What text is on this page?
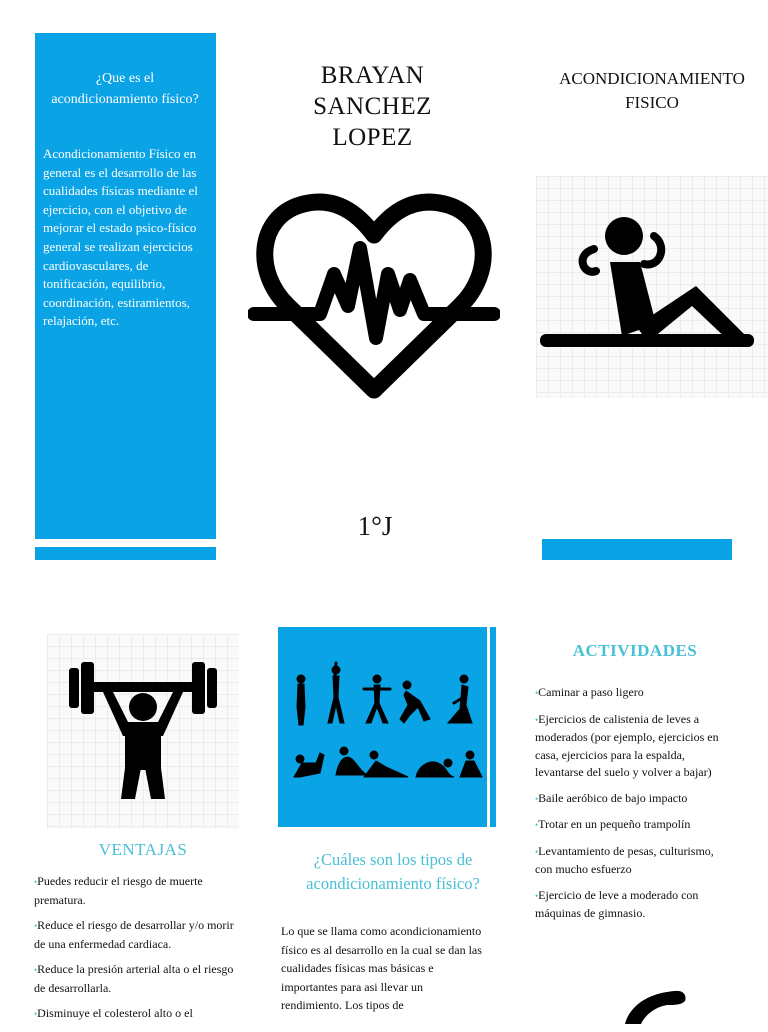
¿Que es el acondicionamiento físico?
Acondicionamiento Físico en general es el desarrollo de las cualidades físicas mediante el ejercicio, con el objetivo de mejorar el estado psico-físico general se realizan ejercicios cardiovasculares, de tonificación, equilibrio, coordinación, estiramientos, relajación, etc.
BRAYAN SANCHEZ LOPEZ
1°J
ACONDICIONAMIENTO FISICO
VENTAJAS

•Puedes reducir el riesgo de muerte prematura.

•Reduce el riesgo de desarrollar y/o morir de una enfermedad cardiaca.

•Reduce la presión arterial alta o el riesgo de desarrollarla.

•Disminuye el colesterol alto o el

¿Cuáles son los tipos de acondicionamiento físico?
Lo que se llama como acondicionamiento físico es al desarrollo en la cual se dan las cualidades físicas mas básicas e importantes para asi llevar un rendimiento. Los tipos de
ACTIVIDADES

•Caminar a paso ligero

•Ejercicios de calistenia de leves a moderados (por ejemplo, ejercicios en casa, ejercicios para la espalda, levantarse del suelo y volver a bajar)

•Baile aeróbico de bajo impacto

•Trotar en un pequeño trampolín

•Levantamiento de pesas, culturismo, con mucho esfuerzo

•Ejercicio de leve a moderado con máquinas de gimnasio.
